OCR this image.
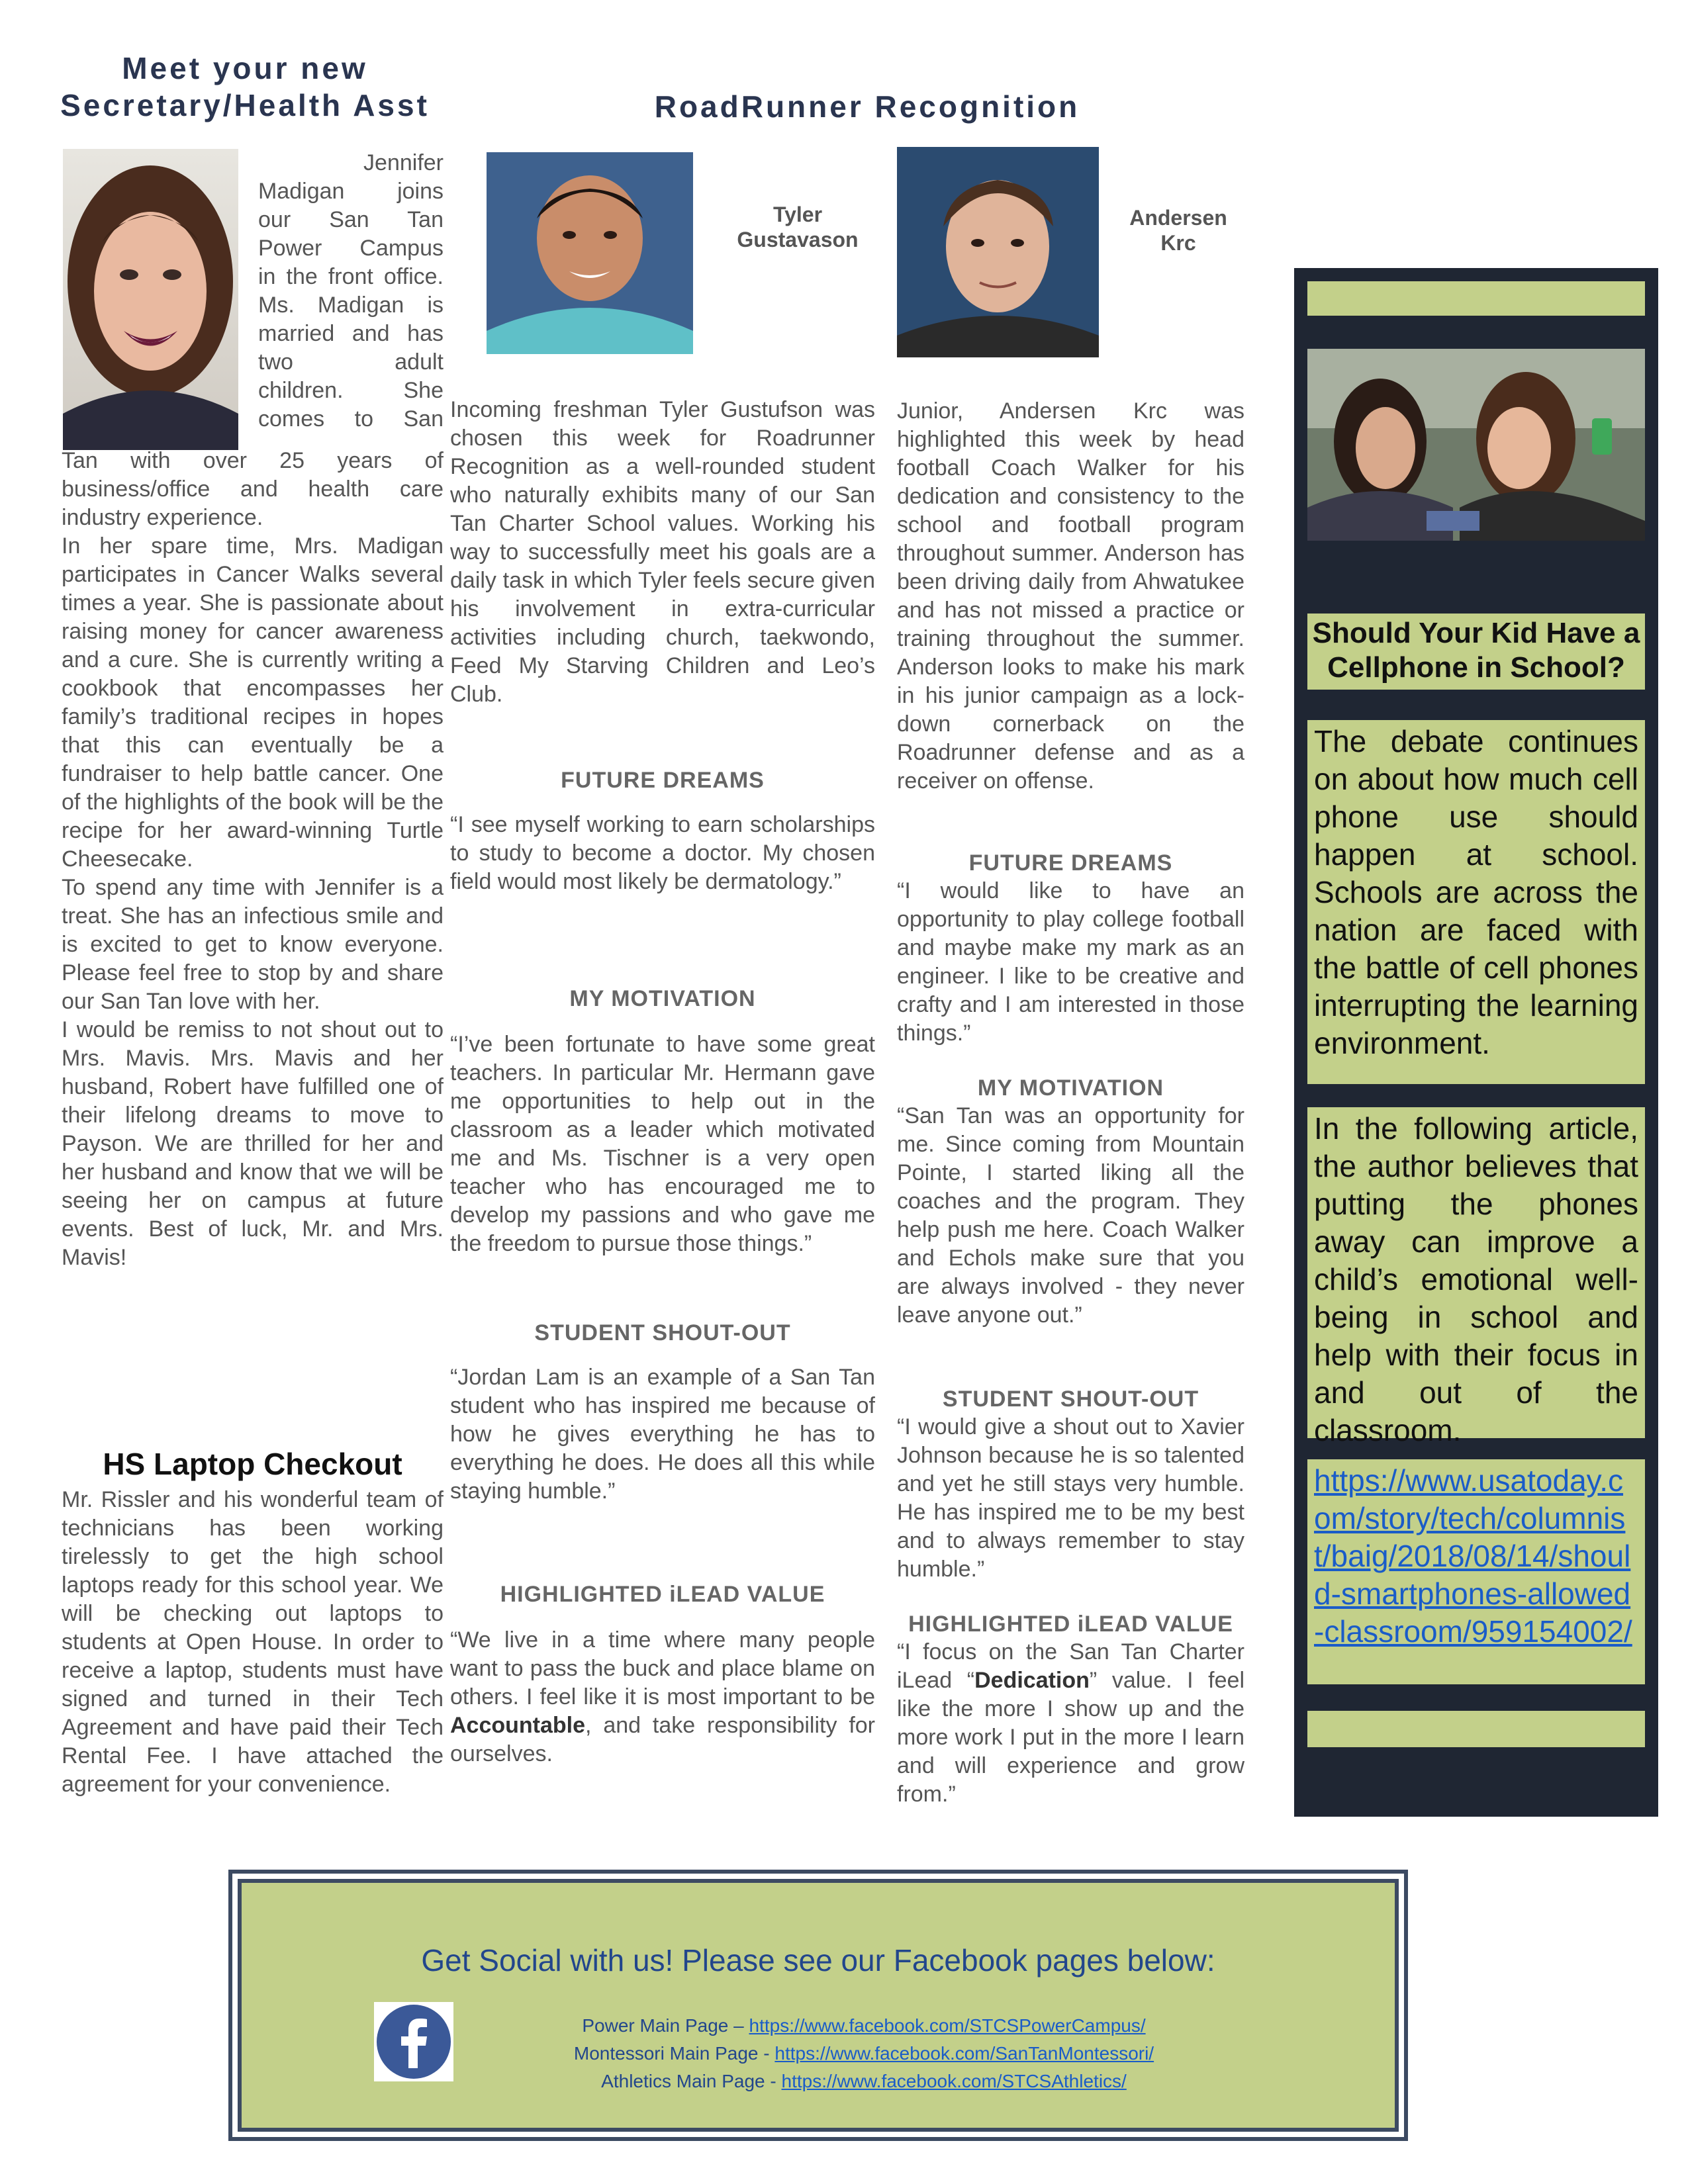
Meet your new
Secretary/Health Asst
Jennifer
Madigan joins
our San Tan
Power Campus
in the front office.
Ms. Madigan is
married and has
two adult
children. She
comes to San
Tan with over 25 years of business/office and health care industry experience.
In her spare time, Mrs. Madigan participates in Cancer Walks several times a year. She is passionate about raising money for cancer awareness and a cure. She is currently writing a cookbook that encompasses her family’s traditional recipes in hopes that this can eventually be a fundraiser to help battle cancer. One of the highlights of the book will be the recipe for her award-winning Turtle Cheesecake.
To spend any time with Jennifer is a treat. She has an infectious smile and is excited to get to know everyone. Please feel free to stop by and share our San Tan love with her.
I would be remiss to not shout out to Mrs. Mavis. Mrs. Mavis and her husband, Robert have fulfilled one of their lifelong dreams to move to Payson. We are thrilled for her and her husband and know that we will be seeing her on campus at future events. Best of luck, Mr. and Mrs. Mavis!
HS Laptop Checkout
Mr. Rissler and his wonderful team of technicians has been working tirelessly to get the high school laptops ready for this school year. We will be checking out laptops to students at Open House. In order to receive a laptop, students must have signed and turned in their Tech Agreement and have paid their Tech Rental Fee. I have attached the agreement for your convenience.
RoadRunner Recognition
Tyler
Gustavason
Incoming freshman Tyler Gustufson was chosen this week for Roadrunner Recognition as a well-rounded student who naturally exhibits many of our San Tan Charter School values. Working his way to successfully meet his goals are a daily task in which Tyler feels secure given his involvement in extra-curricular activities including church, taekwondo, Feed My Starving Children and Leo’s Club.
FUTURE DREAMS
“I see myself working to earn scholarships to study to become a doctor. My chosen field would most likely be dermatology.”
MY MOTIVATION
“I’ve been fortunate to have some great teachers. In particular Mr. Hermann gave me opportunities to help out in the classroom as a leader which motivated me and Ms. Tischner is a very open teacher who has encouraged me to develop my passions and who gave me the freedom to pursue those things.”
STUDENT SHOUT-OUT
“Jordan Lam is an example of a San Tan student who has inspired me because of how he gives everything he has to everything he does. He does all this while staying humble.”
HIGHLIGHTED iLEAD VALUE
“We live in a time where many people want to pass the buck and place blame on others. I feel like it is most important to be Accountable, and take responsibility for ourselves.
Andersen
Krc
Junior, Andersen Krc was highlighted this week by head football Coach Walker for his dedication and consistency to the school and football program throughout summer. Anderson has been driving daily from Ahwatukee and has not missed a practice or training throughout the summer. Anderson looks to make his mark in his junior campaign as a lock-down cornerback on the Roadrunner defense and as a receiver on offense.
FUTURE DREAMS
“I would like to have an opportunity to play college football and maybe make my mark as an engineer. I like to be creative and crafty and I am interested in those things.”
MY MOTIVATION
“San Tan was an opportunity for me. Since coming from Mountain Pointe, I started liking all the coaches and the program. They help push me here. Coach Walker and Echols make sure that you are always involved - they never leave anyone out.”
STUDENT SHOUT-OUT
“I would give a shout out to Xavier Johnson because he is so talented and yet he still stays very humble. He has inspired me to be my best and to always remember to stay humble.”
HIGHLIGHTED iLEAD VALUE
“I focus on the San Tan Charter iLead “Dedication” value. I feel like the more I show up and the more work I put in the more I learn and will experience and grow from.”
Should Your Kid Have a Cellphone in School?
The debate continues on about how much cell phone use should happen at school. Schools are across the nation are faced with the battle of cell phones interrupting the learning environment.
In the following article, the author believes that putting the phones away can improve a child’s emotional well-being in school and help with their focus in and out of the classroom.
https://www.usatoday.com/story/tech/columnist/baig/2018/08/14/should-smartphones-allowed-classroom/959154002/
Get Social with us! Please see our Facebook pages below:
Power Main Page – https://www.facebook.com/STCSPowerCampus/
Montessori Main Page - https://www.facebook.com/SanTanMontessori/
Athletics Main Page - https://www.facebook.com/STCSAthletics/
